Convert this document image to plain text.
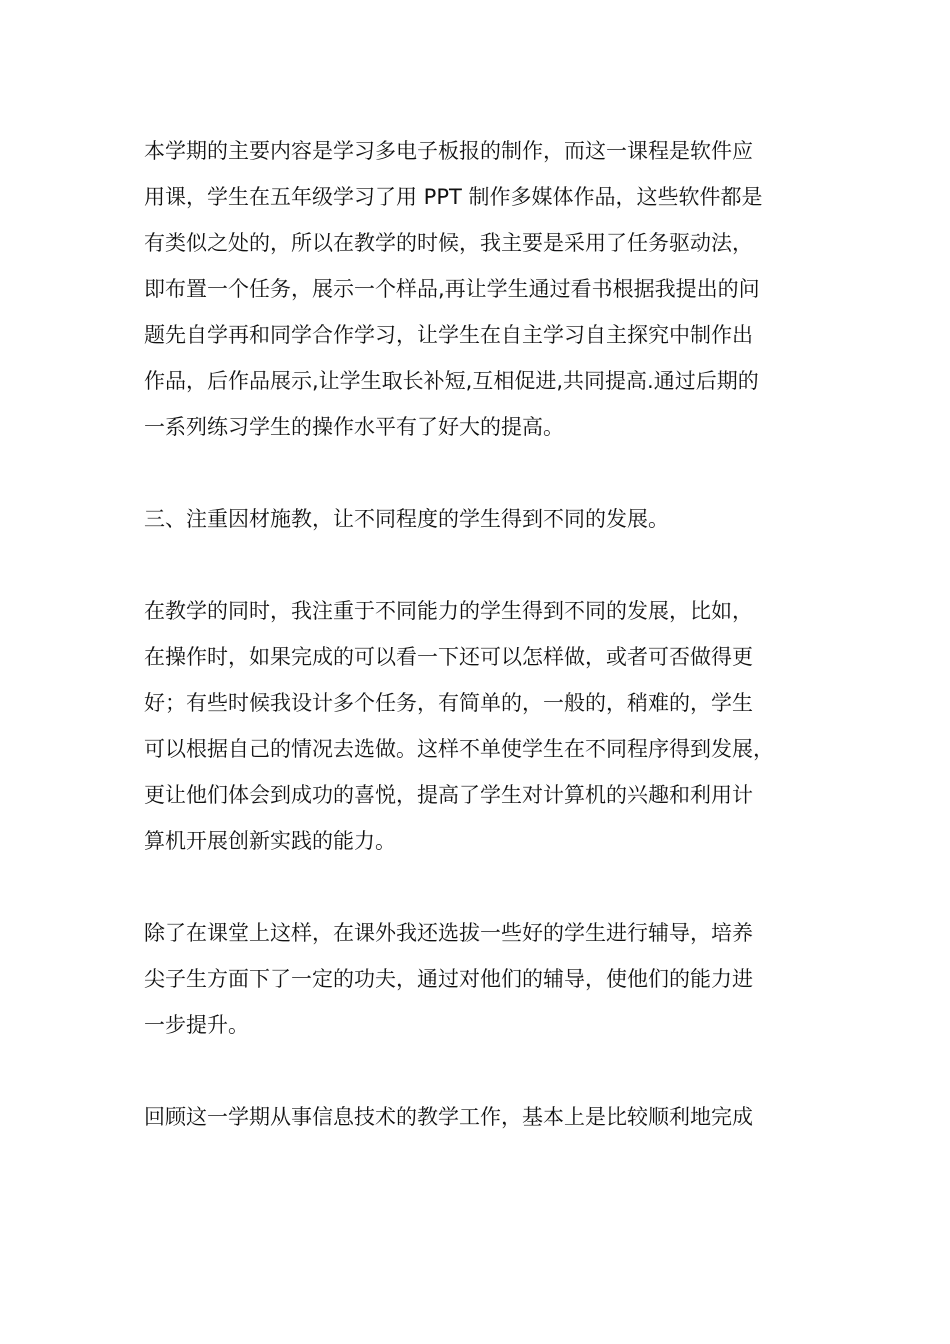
本学期的主要内容是学习多电子板报的制作，而这一课程是软件应
用课，学生在五年级学习了用 PPT 制作多媒体作品，这些软件都是
有类似之处的，所以在教学的时候，我主要是采用了任务驱动法，
即布置一个任务，展示一个样品,再让学生通过看书根据我提出的问
题先自学再和同学合作学习，让学生在自主学习自主探究中制作出
作品，后作品展示,让学生取长补短,互相促进,共同提高.通过后期的
一系列练习学生的操作水平有了好大的提高。
三、注重因材施教，让不同程度的学生得到不同的发展。
在教学的同时，我注重于不同能力的学生得到不同的发展，比如，
在操作时，如果完成的可以看一下还可以怎样做，或者可否做得更
好；有些时候我设计多个任务，有简单的，一般的，稍难的，学生
可以根据自己的情况去选做。这样不单使学生在不同程序得到发展，
更让他们体会到成功的喜悦，提高了学生对计算机的兴趣和利用计
算机开展创新实践的能力。
除了在课堂上这样，在课外我还选拔一些好的学生进行辅导，培养
尖子生方面下了一定的功夫，通过对他们的辅导，使他们的能力进
一步提升。
回顾这一学期从事信息技术的教学工作，基本上是比较顺利地完成
